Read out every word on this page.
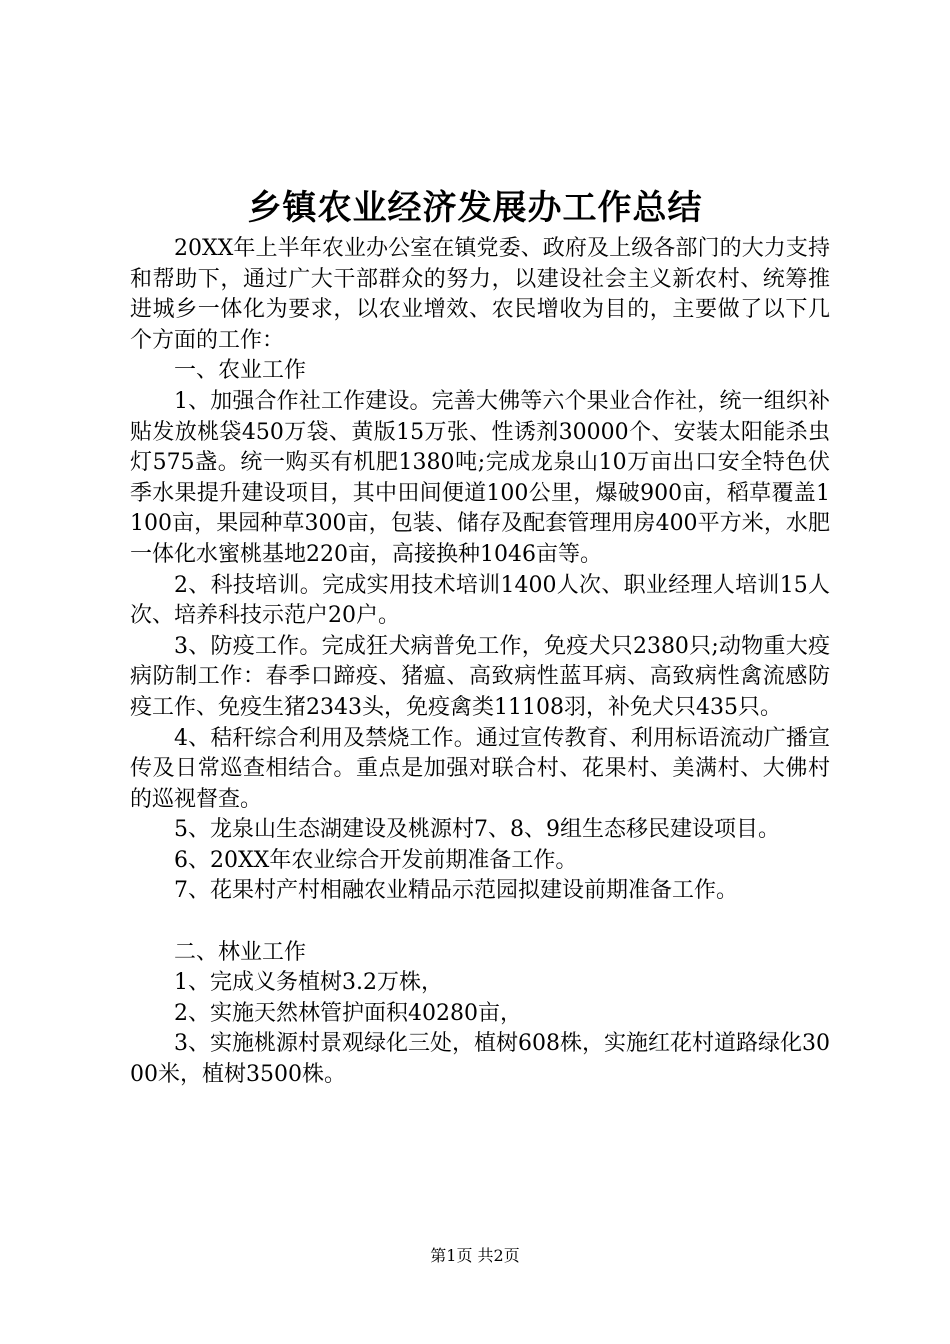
乡镇农业经济发展办工作总结

20XX年上半年农业办公室在镇党委、政府及上级各部门的大力支持和帮助下，通过广大干部群众的努力，以建设社会主义新农村、统筹推进城乡一体化为要求，以农业增效、农民增收为目的，主要做了以下几个方面的工作：

一、农业工作

1、加强合作社工作建设。完善大佛等六个果业合作社，统一组织补贴发放桃袋450万袋、黄版15万张、性诱剂30000个、安装太阳能杀虫灯575盏。统一购买有机肥1380吨;完成龙泉山10万亩出口安全特色伏季水果提升建设项目，其中田间便道100公里，爆破900亩，稻草覆盖1100亩，果园种草300亩，包装、储存及配套管理用房400平方米，水肥一体化水蜜桃基地220亩，高接换种1046亩等。

2、科技培训。完成实用技术培训1400人次、职业经理人培训15人次、培养科技示范户20户。

3、防疫工作。完成狂犬病普免工作，免疫犬只2380只;动物重大疫病防制工作：春季口蹄疫、猪瘟、高致病性蓝耳病、高致病性禽流感防疫工作、免疫生猪2343头，免疫禽类11108羽，补免犬只435只。

4、秸秆综合利用及禁烧工作。通过宣传教育、利用标语流动广播宣传及日常巡查相结合。重点是加强对联合村、花果村、美满村、大佛村的巡视督查。

5、龙泉山生态湖建设及桃源村7、8、9组生态移民建设项目。

6、20XX年农业综合开发前期准备工作。

7、花果村产村相融农业精品示范园拟建设前期准备工作。

二、林业工作

1、完成义务植树3.2万株，

2、实施天然林管护面积40280亩，

3、实施桃源村景观绿化三处，植树608株，实施红花村道路绿化3000米，植树3500株。

第1页 共2页
